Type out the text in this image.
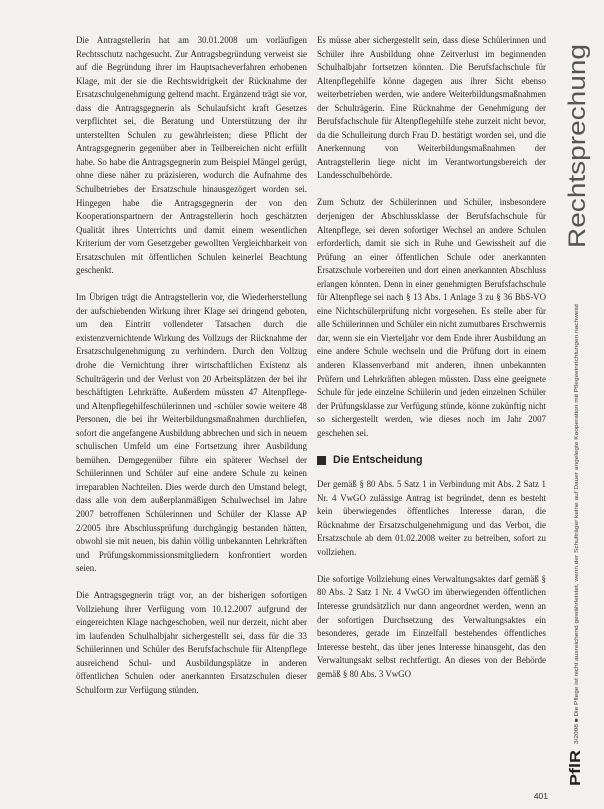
Die Antragstellerin hat am 30.01.2008 um vorläufigen Rechtsschutz nachgesucht. Zur Antragsbegründung verweist sie auf die Begründung ihrer im Hauptsacheverfahren erhobenen Klage, mit der sie die Rechtswidrigkeit der Rücknahme der Ersatzschulgenehmigung geltend macht. Ergänzend trägt sie vor, dass die Antragsgegnerin als Schulaufsicht kraft Gesetzes verpflichtet sei, die Beratung und Unterstützung der ihr unterstellten Schulen zu gewährleisten; diese Pflicht der Antragsgegnerin gegenüber aber in Teilbereichen nicht erfüllt habe. So habe die Antragsgegnerin zum Beispiel Mängel gerügt, ohne diese näher zu präzisieren, wodurch die Aufnahme des Schulbetriebes der Ersatzschule hinausgezögert worden sei. Hingegen habe die Antragsgegnerin der von den Kooperationspartnern der Antragstellerin hoch geschätzten Qualität ihres Unterrichts und damit einem wesentlichen Kriterium der vom Gesetzgeber gewollten Vergleichbarkeit von Ersatzschulen mit öffentlichen Schulen keinerlei Beachtung geschenkt.

Im Übrigen trägt die Antragstellerin vor, die Wiederherstellung der aufschiebenden Wirkung ihrer Klage sei dringend geboten, um den Eintritt vollendeter Tatsachen durch die existenzvernichtende Wirkung des Vollzugs der Rücknahme der Ersatzschulgenehmigung zu verhindern. Durch den Vollzug drohe die Vernichtung ihrer wirtschaftlichen Existenz als Schulträgerin und der Verlust von 20 Arbeitsplätzen der bei ihr beschäftigten Lehrkräfte. Außerdem müssten 47 Altenpflege- und Altenpflegehilfeschülerinnen und -schüler sowie weitere 48 Personen, die bei ihr Weiterbildungsmaßnahmen durchliefen, sofort die angefangene Ausbildung abbrechen und sich in neuem schulischen Umfeld um eine Fortsetzung ihrer Ausbildung bemühen. Demgegenüber führe ein späterer Wechsel der Schülerinnen und Schüler auf eine andere Schule zu keinen irreparablen Nachteilen. Dies werde durch den Umstand belegt, dass alle von dem außerplanmäßigen Schulwechsel im Jahre 2007 betroffenen Schülerinnen und Schüler der Klasse AP 2/2005 ihre Abschlussprüfung durchgängig bestanden hätten, obwohl sie mit neuen, bis dahin völlig unbekannten Lehrkräften und Prüfungskommissionsmitgliedern konfrontiert worden seien.

Die Antragsgegnerin trägt vor, an der bisherigen sofortigen Vollziehung ihrer Verfügung vom 10.12.2007 aufgrund der eingereichten Klage nachgeschoben, weil nur derzeit, nicht aber im laufenden Schulhalbjahr sichergestellt sei, dass für die 33 Schülerinnen und Schüler des Berufsfachschule für Altenpflege ausreichend Schul- und Ausbildungsplätze in anderen öffentlichen Schulen oder anerkannten Ersatzschulen dieser Schulform zur Verfügung stünden.

Es müsse aber sichergestellt sein, dass diese Schülerinnen und Schüler ihre Ausbildung ohne Zeitverlust im beginnenden Schulhalbjahr fortsetzen könnten. Die Berufsfachschule für Altenpflegehilfe könne dagegen aus ihrer Sicht ebenso weiterbetrieben werden, wie andere Weiterbildungsmaßnahmen der Schulträgerin. Eine Rücknahme der Genehmigung der Berufsfachschule für Altenpflegehilfe stehe zurzeit nicht bevor, da die Schulleitung durch Frau D. bestätigt worden sei, und die Anerkennung von Weiterbildungsmaßnahmen der Antragstellerin liege nicht im Verantwortungsbereich der Landesschulbehörde.

Zum Schutz der Schülerinnen und Schüler, insbesondere derjenigen der Abschlussklasse der Berufsfachschule für Altenpflege, sei deren sofortiger Wechsel an andere Schulen erforderlich, damit sie sich in Ruhe und Gewissheit auf die Prüfung an einer öffentlichen Schule oder anerkannten Ersatzschule vorbereiten und dort einen anerkannten Abschluss erlangen könnten. Denn in einer genehmigten Berufsfachschule für Altenpflege sei nach § 13 Abs. 1 Anlage 3 zu § 36 BbS-VO eine Nichtschülerprüfung nicht vorgesehen. Es stelle aber für alle Schülerinnen und Schüler ein nicht zumutbares Erschwernis dar, wenn sie ein Vierteljahr vor dem Ende ihrer Ausbildung an eine andere Schule wechseln und die Prüfung dort in einem anderen Klassenverband mit anderen, ihnen unbekannten Prüfern und Lehrkräften ablegen müssten. Dass eine geeignete Schule für jede einzelne Schülerin und jeden einzelnen Schüler der Prüfungsklasse zur Verfügung stünde, könne zukünftig nicht so sichergestellt werden, wie dieses noch im Jahr 2007 geschehen sei.

Die Entscheidung

Der gemäß § 80 Abs. 5 Satz 1 in Verbindung mit Abs. 2 Satz 1 Nr. 4 VwGO zulässige Antrag ist begründet, denn es besteht kein überwiegendes öffentliches Interesse daran, die Rücknahme der Ersatzschulgenehmigung und das Verbot, die Ersatzschule ab dem 01.02.2008 weiter zu betreiben, sofort zu vollziehen.

Die sofortige Vollziehung eines Verwaltungsaktes darf gemäß § 80 Abs. 2 Satz 1 Nr. 4 VwGO im überwiegenden öffentlichen Interesse grundsätzlich nur dann angeordnet werden, wenn an der sofortigen Durchsetzung des Verwaltungsaktes ein besonderes, gerade im Einzelfall bestehendes öffentliches Interesse besteht, das über jenes Interesse hinausgeht, das den Verwaltungsakt selbst rechtfertigt. An dieses von der Behörde gemäß § 80 Abs. 3 VwGO

Rechtsprechung
PflR
3/2008 ■ Die Pflege ist nicht ausreichend gewährleistet, wenn der Schulträger keine auf Dauer angelegte Kooperation mit Pflegeeinrichtungen nachweist
401
